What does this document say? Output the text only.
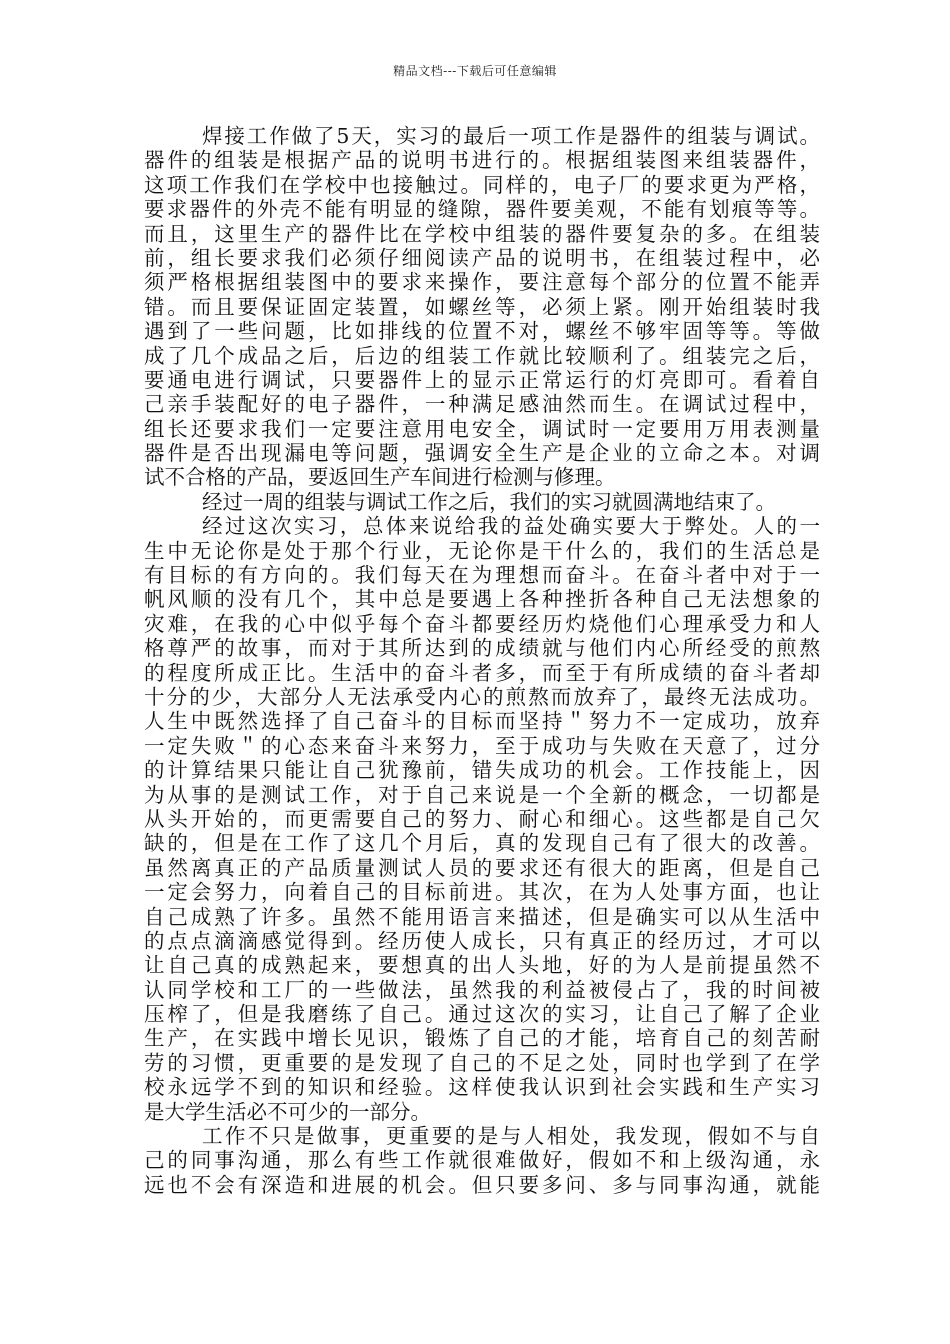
精品文档---下载后可任意编辑
焊接工作做了5天，实习的最后一项工作是器件的组装与调试。
器件的组装是根据产品的说明书进行的。根据组装图来组装器件，
这项工作我们在学校中也接触过。同样的，电子厂的要求更为严格，
要求器件的外壳不能有明显的缝隙，器件要美观，不能有划痕等等。
而且，这里生产的器件比在学校中组装的器件要复杂的多。在组装
前，组长要求我们必须仔细阅读产品的说明书，在组装过程中，必
须严格根据组装图中的要求来操作，要注意每个部分的位置不能弄
错。而且要保证固定装置，如螺丝等，必须上紧。刚开始组装时我
遇到了一些问题，比如排线的位置不对，螺丝不够牢固等等。等做
成了几个成品之后，后边的组装工作就比较顺利了。组装完之后，
要通电进行调试，只要器件上的显示正常运行的灯亮即可。看着自
己亲手装配好的电子器件，一种满足感油然而生。在调试过程中，
组长还要求我们一定要注意用电安全，调试时一定要用万用表测量
器件是否出现漏电等问题，强调安全生产是企业的立命之本。对调
试不合格的产品，要返回生产车间进行检测与修理。
经过一周的组装与调试工作之后，我们的实习就圆满地结束了。
经过这次实习，总体来说给我的益处确实要大于弊处。人的一
生中无论你是处于那个行业，无论你是干什么的，我们的生活总是
有目标的有方向的。我们每天在为理想而奋斗。在奋斗者中对于一
帆风顺的没有几个，其中总是要遇上各种挫折各种自己无法想象的
灾难，在我的心中似乎每个奋斗都要经历灼烧他们心理承受力和人
格尊严的故事，而对于其所达到的成绩就与他们内心所经受的煎熬
的程度所成正比。生活中的奋斗者多，而至于有所成绩的奋斗者却
十分的少，大部分人无法承受内心的煎熬而放弃了，最终无法成功。
人生中既然选择了自己奋斗的目标而坚持＂努力不一定成功，放弃
一定失败＂的心态来奋斗来努力，至于成功与失败在天意了，过分
的计算结果只能让自己犹豫前，错失成功的机会。工作技能上，因
为从事的是测试工作，对于自己来说是一个全新的概念，一切都是
从头开始的，而更需要自己的努力、耐心和细心。这些都是自己欠
缺的，但是在工作了这几个月后，真的发现自己有了很大的改善。
虽然离真正的产品质量测试人员的要求还有很大的距离，但是自己
一定会努力，向着自己的目标前进。其次，在为人处事方面，也让
自己成熟了许多。虽然不能用语言来描述，但是确实可以从生活中
的点点滴滴感觉得到。经历使人成长，只有真正的经历过，才可以
让自己真的成熟起来，要想真的出人头地，好的为人是前提虽然不
认同学校和工厂的一些做法，虽然我的利益被侵占了，我的时间被
压榨了，但是我磨练了自己。通过这次的实习，让自己了解了企业
生产，在实践中增长见识，锻炼了自己的才能，培育自己的刻苦耐
劳的习惯，更重要的是发现了自己的不足之处，同时也学到了在学
校永远学不到的知识和经验。这样使我认识到社会实践和生产实习
是大学生活必不可少的一部分。
工作不只是做事，更重要的是与人相处，我发现，假如不与自
己的同事沟通，那么有些工作就很难做好，假如不和上级沟通，永
远也不会有深造和进展的机会。但只要多问、多与同事沟通，就能
